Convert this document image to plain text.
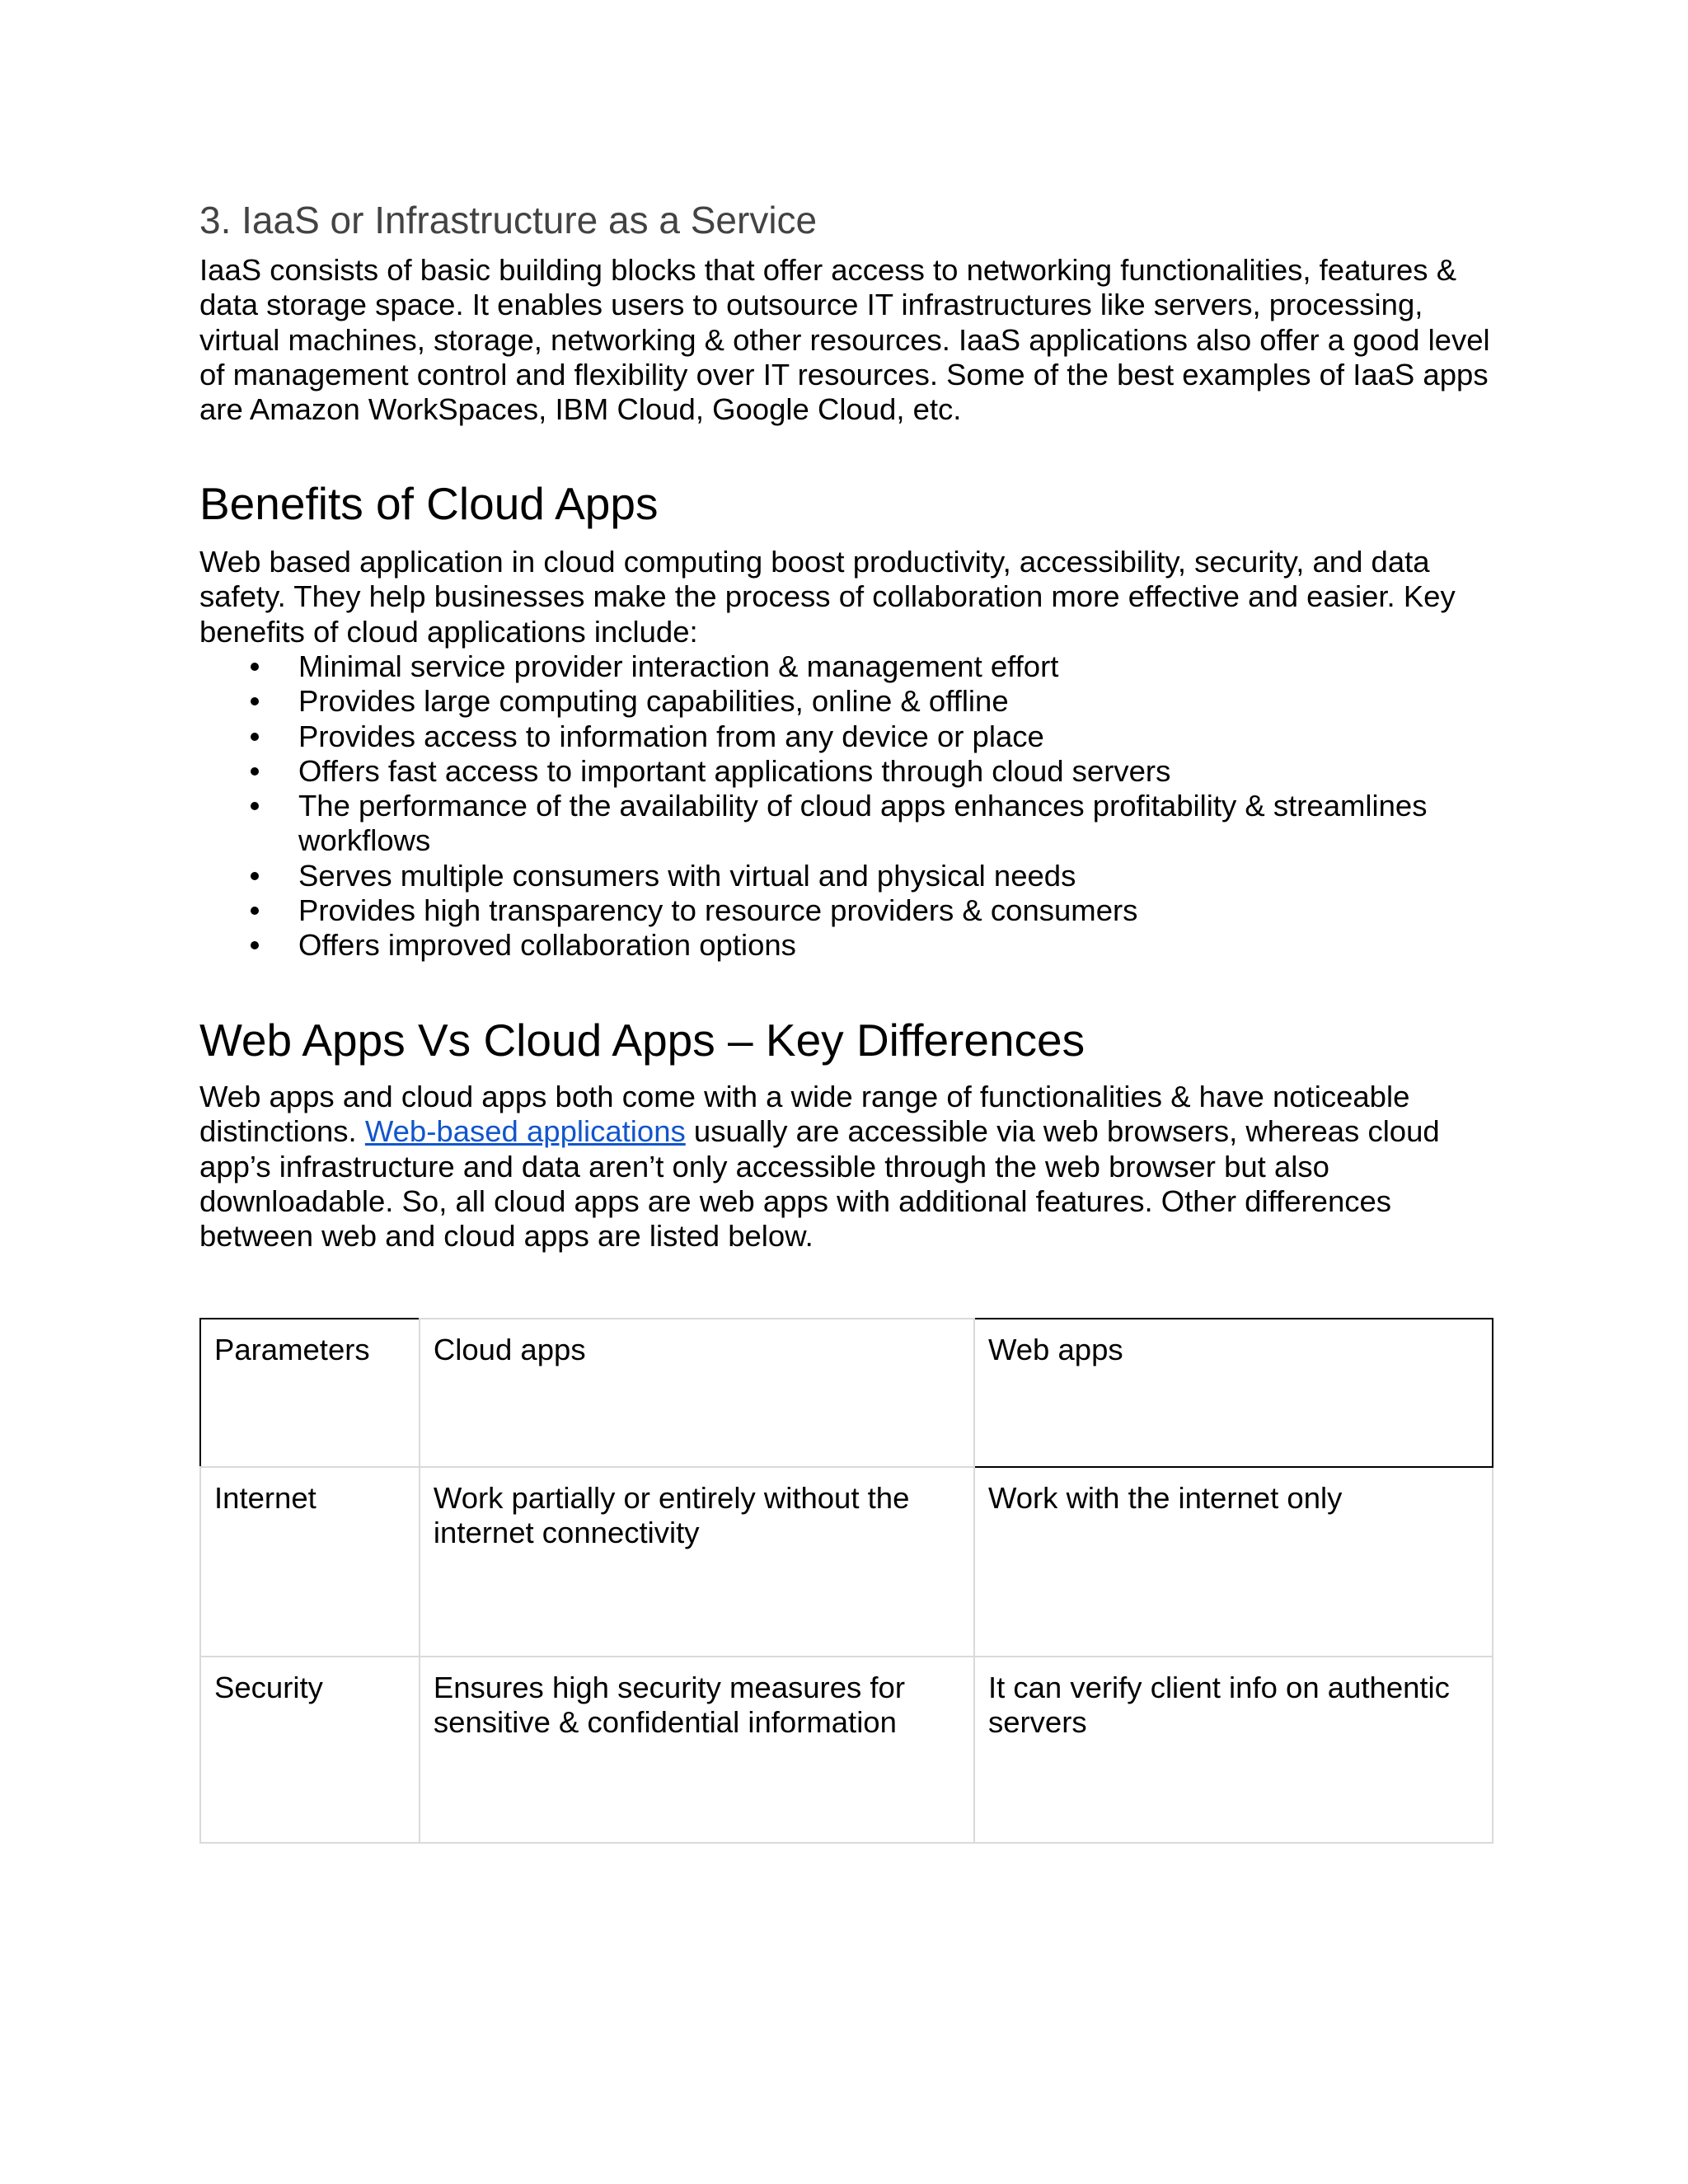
3. IaaS or Infrastructure as a Service

IaaS consists of basic building blocks that offer access to networking functionalities, features & data storage space. It enables users to outsource IT infrastructures like servers, processing, virtual machines, storage, networking & other resources. IaaS applications also offer a good level of management control and flexibility over IT resources. Some of the best examples of IaaS apps are Amazon WorkSpaces, IBM Cloud, Google Cloud, etc.

Benefits of Cloud Apps

Web based application in cloud computing boost productivity, accessibility, security, and data safety. They help businesses make the process of collaboration more effective and easier. Key benefits of cloud applications include:

Minimal service provider interaction & management effort
Provides large computing capabilities, online & offline
Provides access to information from any device or place
Offers fast access to important applications through cloud servers
The performance of the availability of cloud apps enhances profitability & streamlines workflows
Serves multiple consumers with virtual and physical needs
Provides high transparency to resource providers & consumers
Offers improved collaboration options
Web Apps Vs Cloud Apps – Key Differences

Web apps and cloud apps both come with a wide range of functionalities & have noticeable distinctions. Web-based applications usually are accessible via web browsers, whereas cloud app’s infrastructure and data aren’t only accessible through the web browser but also downloadable. So, all cloud apps are web apps with additional features. Other differences between web and cloud apps are listed below.

Parameters	Cloud apps	Web apps
Internet	Work partially or entirely without the internet connectivity	Work with the internet only
Security	Ensures high security measures for sensitive & confidential information	It can verify client info on authentic servers
